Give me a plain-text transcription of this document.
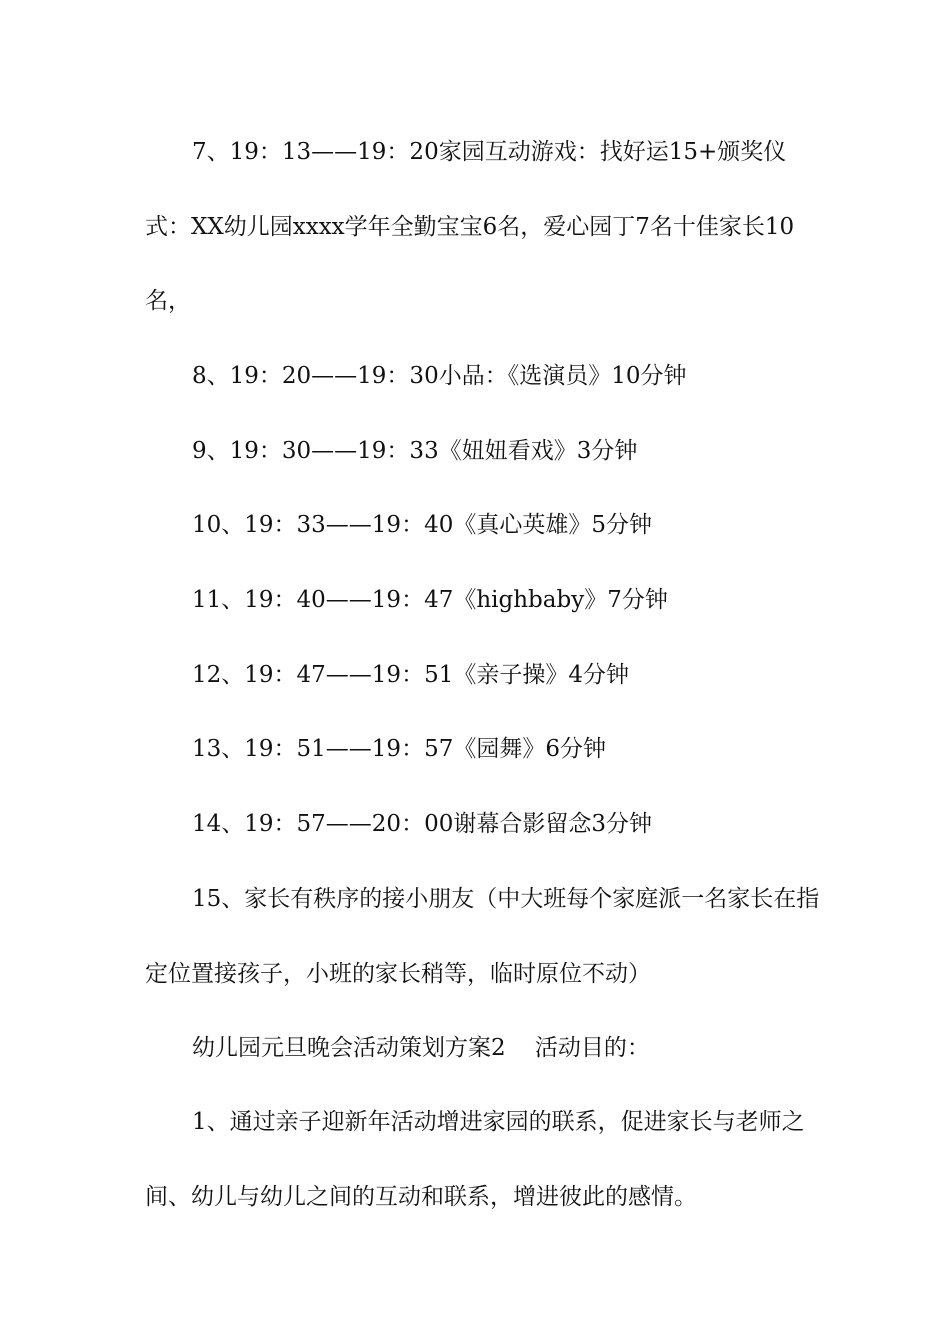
7、19：13——19：20家园互动游戏：找好运15+颁奖仪式：XX幼儿园xxxx学年全勤宝宝6名，爱心园丁7名十佳家长10名，

8、19：20——19：30小品：《选演员》10分钟

9、19：30——19：33《妞妞看戏》3分钟

10、19：33——19：40《真心英雄》5分钟

11、19：40——19：47《highbaby》7分钟

12、19：47——19：51《亲子操》4分钟

13、19：51——19：57《园舞》6分钟

14、19：57——20：00谢幕合影留念3分钟

15、家长有秩序的接小朋友（中大班每个家庭派一名家长在指定位置接孩子，小班的家长稍等，临时原位不动）

幼儿园元旦晚会活动策划方案2    活动目的：

1、通过亲子迎新年活动增进家园的联系，促进家长与老师之间、幼儿与幼儿之间的互动和联系，增进彼此的感情。
